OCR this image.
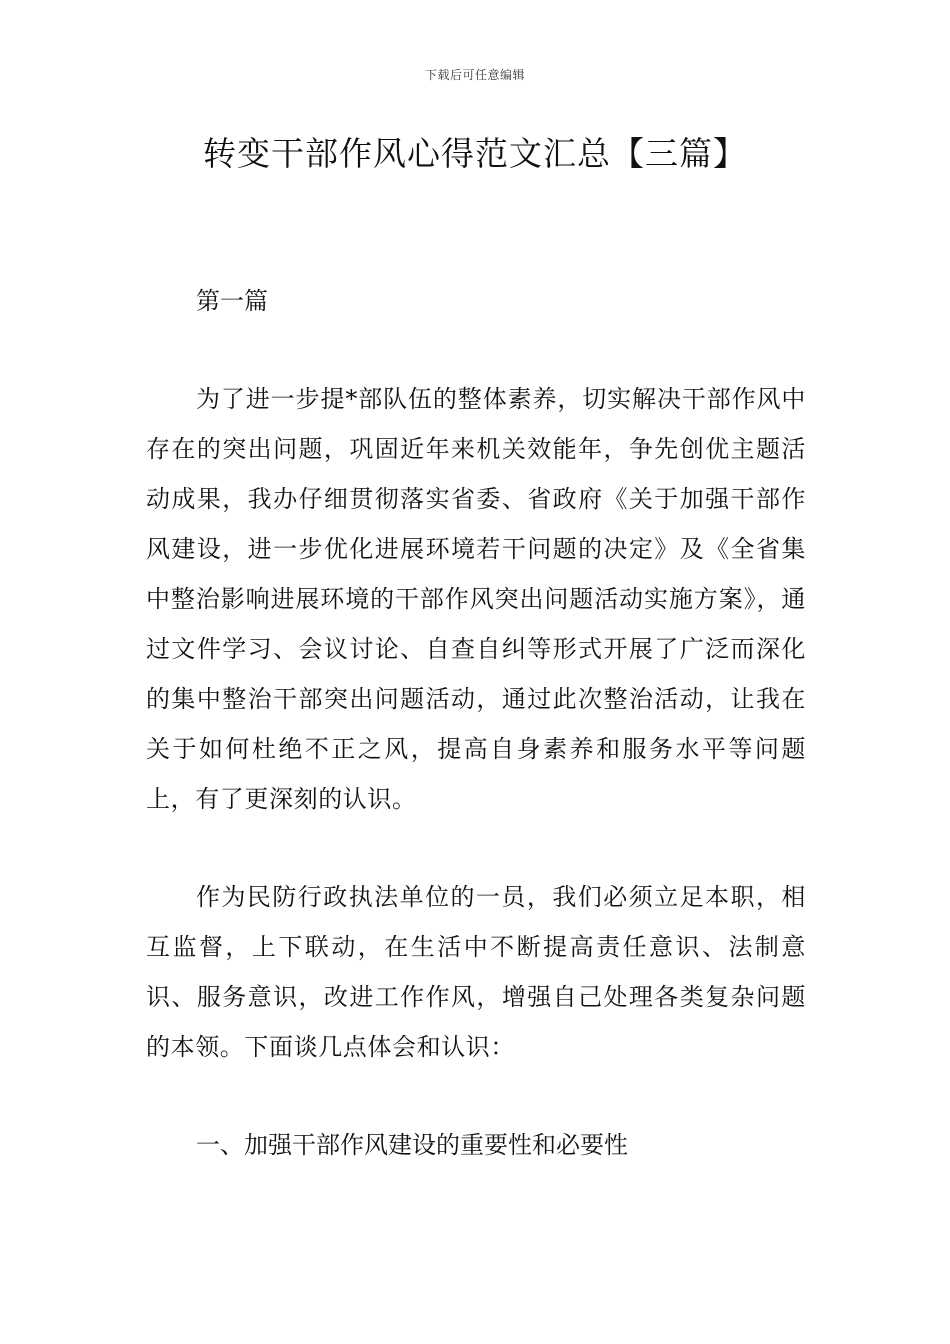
下载后可任意编辑
转变干部作风心得范文汇总【三篇】
第一篇
为了进一步提*部队伍的整体素养，切实解决干部作风中存在的突出问题，巩固近年来机关效能年，争先创优主题活动成果，我办仔细贯彻落实省委、省政府《关于加强干部作风建设，进一步优化进展环境若干问题的决定》及《全省集中整治影响进展环境的干部作风突出问题活动实施方案》，通过文件学习、会议讨论、自查自纠等形式开展了广泛而深化的集中整治干部突出问题活动，通过此次整治活动，让我在关于如何杜绝不正之风，提高自身素养和服务水平等问题上，有了更深刻的认识。
作为民防行政执法单位的一员，我们必须立足本职，相互监督，上下联动，在生活中不断提高责任意识、法制意识、服务意识，改进工作作风，增强自己处理各类复杂问题的本领。下面谈几点体会和认识：
一、加强干部作风建设的重要性和必要性
